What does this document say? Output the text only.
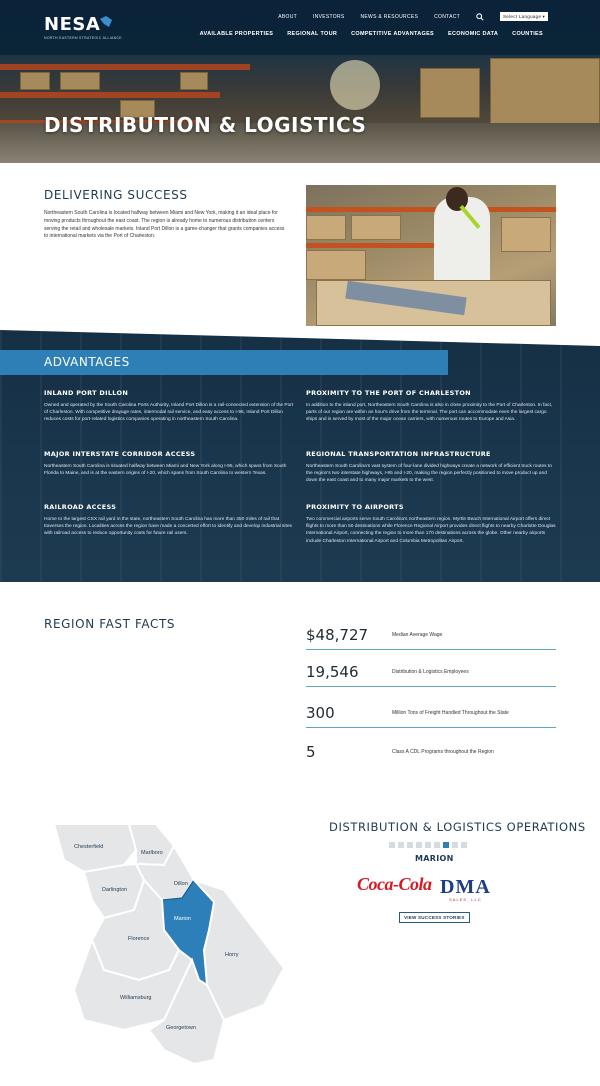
NESA
NORTH EASTERN STRATEGIC ALLIANCE
ABOUT	INVESTORS	NEWS & RESOURCES	CONTACT	Select Language ▾
AVAILABLE PROPERTIES	REGIONAL TOUR	COMPETITIVE ADVANTAGES	ECONOMIC DATA	COUNTIES
DISTRIBUTION & LOGISTICS
DELIVERING SUCCESS
Northeastern South Carolina is located halfway between Miami and New York, making it an ideal place for moving products throughout the east coast. The region is already home to numerous distribution centers serving the retail and wholesale markets. Inland Port Dillon is a game-changer that grants companies access to international markets via the Port of Charleston.
ADVANTAGES
INLAND PORT DILLON
Owned and operated by the South Carolina Ports Authority, Inland Port Dillon is a rail-connected extension of the Port of Charleston. With competitive drayage rates, intermodal rail service, and easy access to I-95, Inland Port Dillon reduces costs for port-related logistics companies operating in northeastern South Carolina.
PROXIMITY TO THE PORT OF CHARLESTON
In addition to the inland port, Northeastern South Carolina is also in close proximity to the Port of Charleston. In fact, parts of our region are within an hour's drive from the terminal. The port can accommodate even the largest cargo ships and is served by most of the major ocean carriers, with numerous routes to Europe and Asia.
MAJOR INTERSTATE CORRIDOR ACCESS
Northeastern South Carolina is situated halfway between Miami and New York along I-95, which spans from South Florida to Maine, and is at the eastern origins of I-20, which spans from South Carolina to western Texas.
REGIONAL TRANSPORTATION INFRASTRUCTURE
Northeastern South Carolina's vast system of four-lane divided highways create a network of efficient truck routes to the region's two interstate highways, I-95 and I-20, making the region perfectly positioned to move product up and down the east coast and to many major markets to the west.
RAILROAD ACCESS
Home to the largest CSX rail yard in the state, northeastern South Carolina has more than 350 miles of rail that traverses the region. Localities across the region have made a concerted effort to identify and develop industrial sites with railroad access to reduce opportunity costs for future rail users.
PROXIMITY TO AIRPORTS
Two commercial airports serve South Carolina's northeastern region. Myrtle Beach International Airport offers direct flights to more than 50 destinations while Florence Regional Airport provides direct flights to nearby Charlotte Douglas International Airport, connecting the region to more than 170 destinations across the globe. Other nearby airports include Charleston International Airport and Columbia Metropolitan Airport.
REGION FAST FACTS
$48,727	Median Average Wage
19,546	Distribution & Logistics Employees
300	Million Tons of Freight Handled Throughout the State
5	Class A CDL Programs throughout the Region
Chesterfield
Marlboro
Darlington
Dillon
Marion
Florence
Horry
Williamsburg
Georgetown
DISTRIBUTION & LOGISTICS OPERATIONS
MARION
Coca-Cola DMA
SALES, LLC
VIEW SUCCESS STORIES
